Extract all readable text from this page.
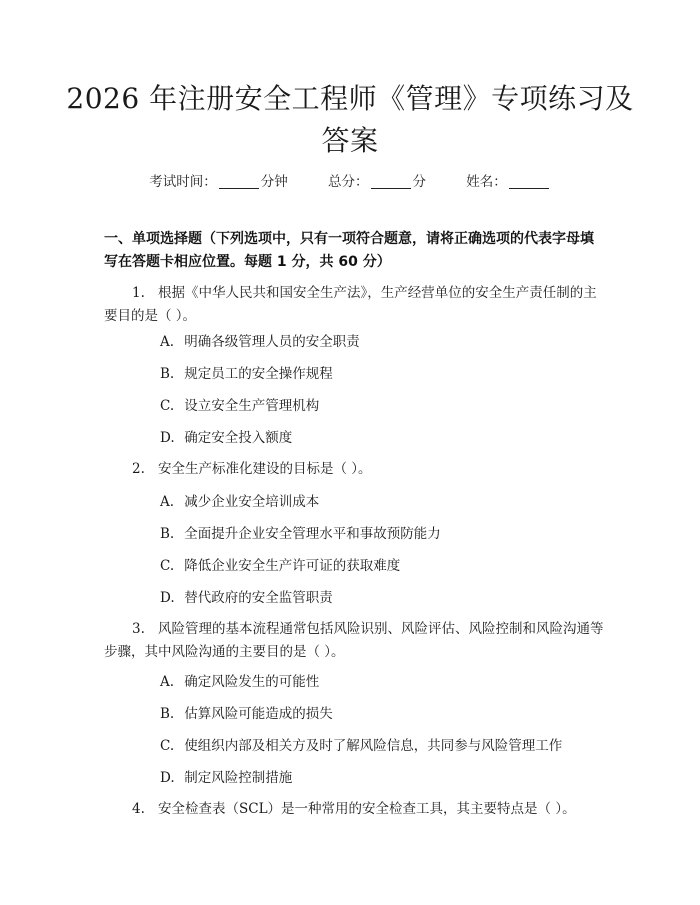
2026 年注册安全工程师《管理》专项练习及
答案
考试时间：	分钟	总分：	分	姓名：
一、单项选择题（下列选项中，只有一项符合题意，请将正确选项的代表字母填写在答题卡相应位置。每题 1 分，共 60 分）
1. 根据《中华人民共和国安全生产法》，生产经营单位的安全生产责任制的主要目的是（ ）。
A. 明确各级管理人员的安全职责
B. 规定员工的安全操作规程
C. 设立安全生产管理机构
D. 确定安全投入额度
2. 安全生产标准化建设的目标是（ ）。
A. 减少企业安全培训成本
B. 全面提升企业安全管理水平和事故预防能力
C. 降低企业安全生产许可证的获取难度
D. 替代政府的安全监管职责
3. 风险管理的基本流程通常包括风险识别、风险评估、风险控制和风险沟通等步骤，其中风险沟通的主要目的是（ ）。
A. 确定风险发生的可能性
B. 估算风险可能造成的损失
C. 使组织内部及相关方及时了解风险信息，共同参与风险管理工作
D. 制定风险控制措施
4. 安全检查表（SCL）是一种常用的安全检查工具，其主要特点是（ ）。
